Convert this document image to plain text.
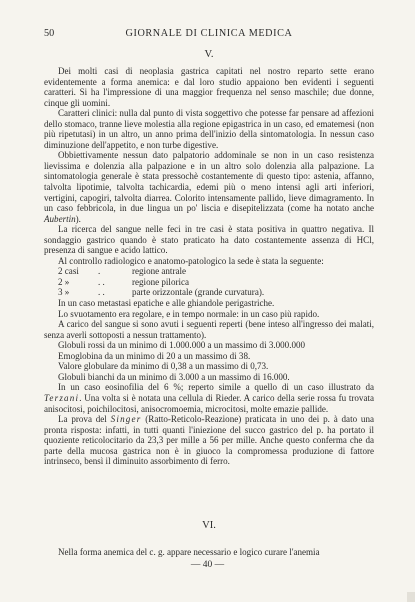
50	GIORNALE DI CLINICA MEDICA
V.

Dei molti casi di neoplasia gastrica capitati nel nostro reparto sette erano evidentemente a forma anemica: e dal loro studio appaiono ben evidenti i seguenti caratteri. Si ha l'impressione di una maggior frequenza nel senso maschile; due donne, cinque gli uomini.

Caratteri clinici: nulla dal punto di vista soggettivo che potesse far pensare ad affezioni dello stomaco, tranne lieve molestia alla regione epigastrica in un caso, ed ematemesi (non più ripetutasi) in un altro, un anno prima dell'inizio della sintomatologia. In nessun caso diminuzione dell'appetito, e non turbe digestive.

Obbiettivamente nessun dato palpatorio addominale se non in un caso resistenza lievissima e dolenzia alla palpazione e in un altro solo dolenzia alla palpazione. La sintomatologia generale è stata pressochè costantemente di questo tipo: astenia, affanno, talvolta lipotimie, talvolta tachicardia, edemi più o meno intensi agli arti inferiori, vertigini, capogiri, talvolta diarrea. Colorito intensamente pallido, lieve dimagramento. In un caso febbricola, in due lingua un po' liscia e disepitelizzata (come ha notato anche Aubertin).

La ricerca del sangue nelle feci in tre casi è stata positiva in quattro negativa. Il sondaggio gastrico quando è stato praticato ha dato costantemente assenza di HCl, presenza di sangue e acido lattico.

Al controllo radiologico e anatomo-patologico la sede è stata la seguente:

2 casi	.	regione antrale
2 »	. .	regione pilorica
3 »	. .	parte orizzontale (grande curvatura).

In un caso metastasi epatiche e alle ghiandole perigastriche.

Lo svuotamento era regolare, e in tempo normale: in un caso più rapido.

A carico del sangue si sono avuti i seguenti reperti (bene inteso all'ingresso dei malati, senza averli sottoposti a nessun trattamento).

Globuli rossi da un minimo di 1.000.000 a un massimo di 3.000.000

Emoglobina da un minimo di 20 a un massimo di 38.

Valore globulare da minimo di 0,38 a un massimo di 0,73.

Globuli bianchi da un minimo di 3.000 a un massimo di 16.000.

In un caso eosinofilia del 6 %; reperto simile a quello di un caso illustrato da Terzani. Una volta si è notata una cellula di Rieder. A carico della serie rossa fu trovata anisocitosi, poichilocitosi, anisocromoemia, microcitosi, molte emazie pallide.

La prova del Singer (Ratto-Reticolo-Reazione) praticata in uno dei p. à dato una pronta risposta: infatti, in tutti quanti l'iniezione del succo gastrico del p. ha portato il quoziente reticolocitario da 23,3 per mille a 56 per mille. Anche questo conferma che da parte della mucosa gastrica non è in giuoco la compromessa produzione di fattore intrinseco, bensì il diminuito assorbimento di ferro.

VI.

Nella forma anemica del c. g. appare necessario e logico curare l'anemia

— 40 —
